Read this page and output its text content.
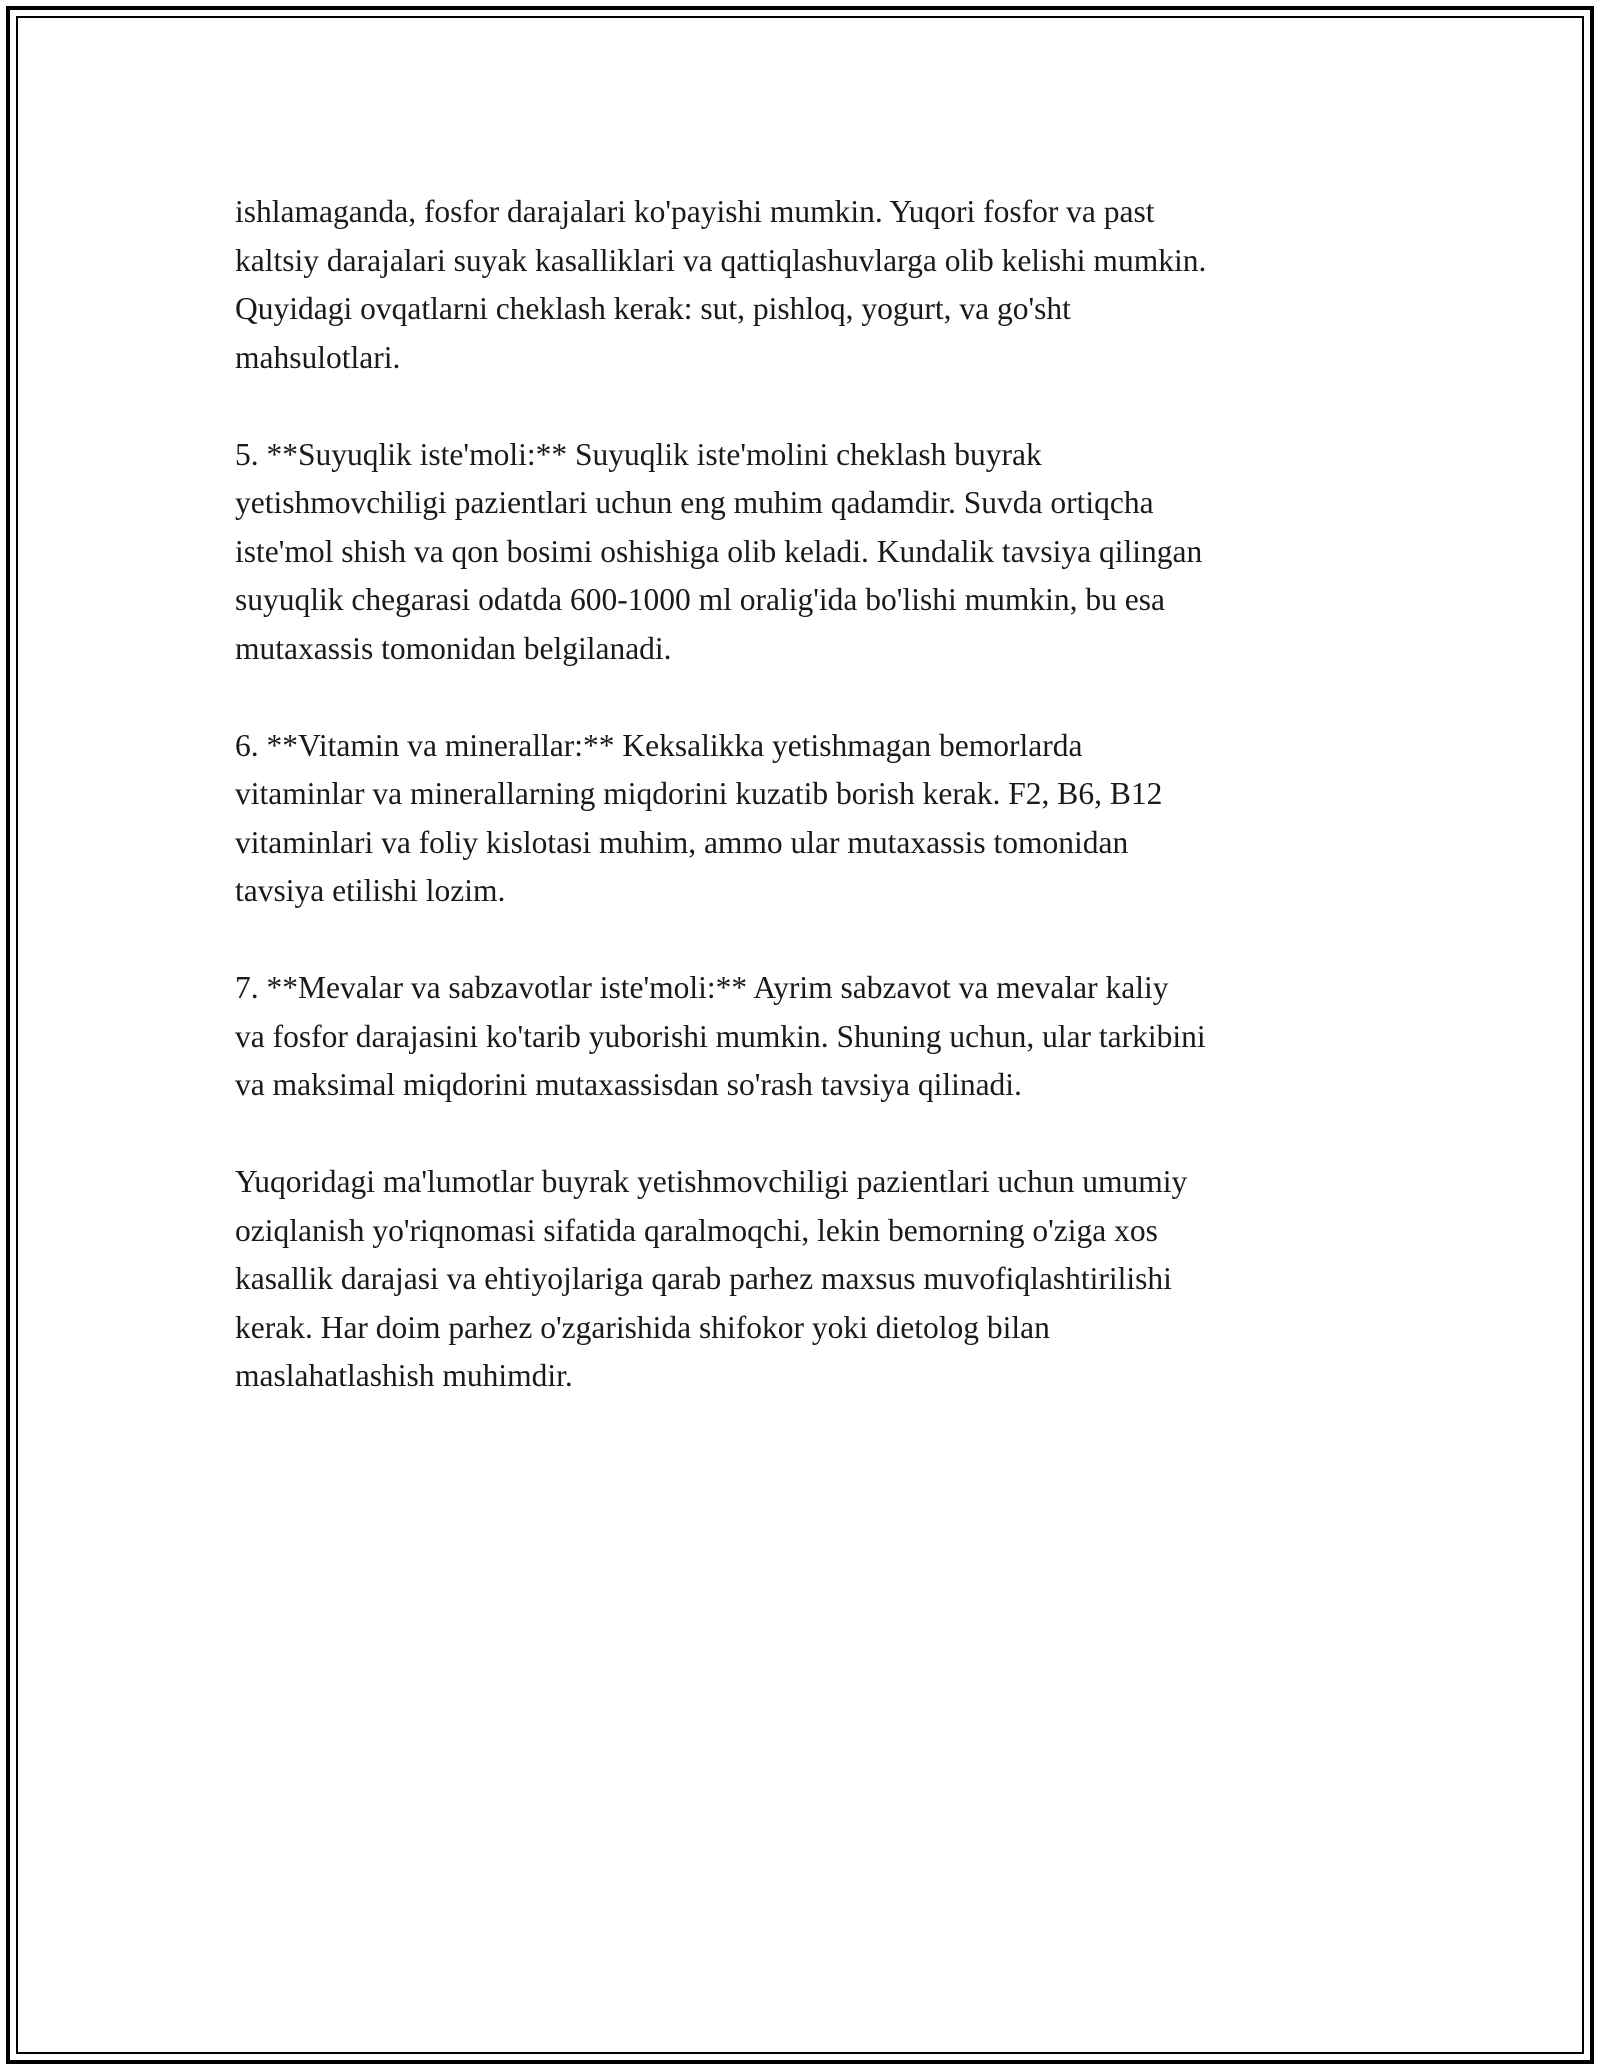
ishlamaganda, fosfor darajalari ko'payishi mumkin. Yuqori fosfor va past
kaltsiy darajalari suyak kasalliklari va qattiqlashuvlarga olib kelishi mumkin.
Quyidagi ovqatlarni cheklash kerak: sut, pishloq, yogurt, va go'sht
mahsulotlari.

5. **Suyuqlik iste'moli:** Suyuqlik iste'molini cheklash buyrak
yetishmovchiligi pazientlari uchun eng muhim qadamdir. Suvda ortiqcha
iste'mol shish va qon bosimi oshishiga olib keladi. Kundalik tavsiya qilingan
suyuqlik chegarasi odatda 600-1000 ml oralig'ida bo'lishi mumkin, bu esa
mutaxassis tomonidan belgilanadi.

6. **Vitamin va minerallar:** Keksalikka yetishmagan bemorlarda
vitaminlar va minerallarning miqdorini kuzatib borish kerak. F2, B6, B12
vitaminlari va foliy kislotasi muhim, ammo ular mutaxassis tomonidan
tavsiya etilishi lozim.

7. **Mevalar va sabzavotlar iste'moli:** Ayrim sabzavot va mevalar kaliy
va fosfor darajasini ko'tarib yuborishi mumkin. Shuning uchun, ular tarkibini
va maksimal miqdorini mutaxassisdan so'rash tavsiya qilinadi.

Yuqoridagi ma'lumotlar buyrak yetishmovchiligi pazientlari uchun umumiy
oziqlanish yo'riqnomasi sifatida qaralmoqchi, lekin bemorning o'ziga xos
kasallik darajasi va ehtiyojlariga qarab parhez maxsus muvofiqlashtirilishi
kerak. Har doim parhez o'zgarishida shifokor yoki dietolog bilan
maslahatlashish muhimdir.
